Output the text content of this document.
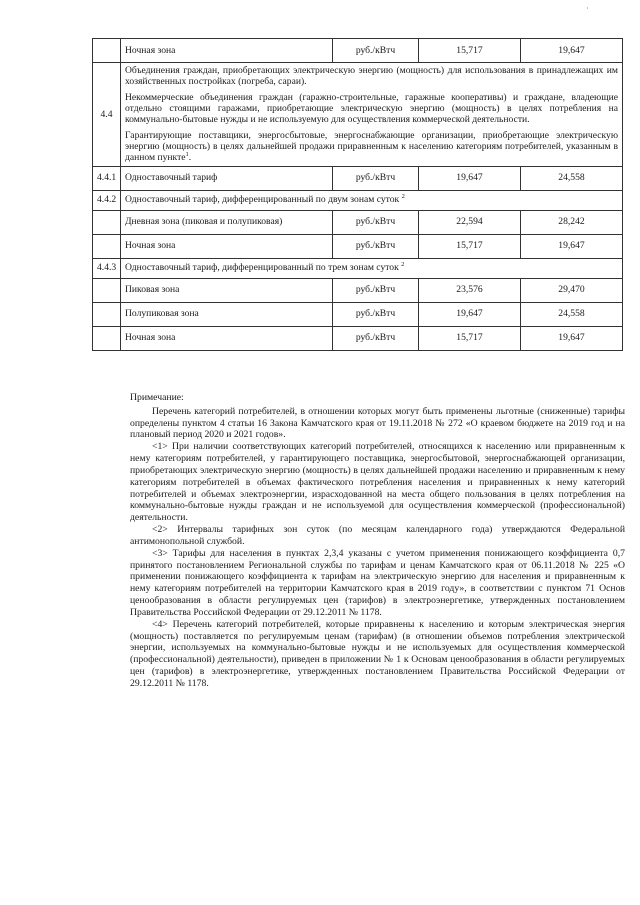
·
	Ночная зона	руб./кВтч	15,717	19,647
4.4	Объединения граждан, приобретающих электрическую энергию (мощность) для использования в принадлежащих им хозяйственных постройках (погреба, сараи).

Некоммерческие объединения граждан (гаражно-строительные, гаражные кооперативы) и граждане, владеющие отдельно стоящими гаражами, приобретающие электрическую энергию (мощность) в целях потребления на коммунально-бытовые нужды и не используемую для осуществления коммерческой деятельности.

Гарантирующие поставщики, энергосбытовые, энергоснабжающие организации, приобретающие электрическую энергию (мощность) в целях дальнейшей продажи приравненным к населению категориям потребителей, указанным в данном пункте$^1$.			

4.4.1	Одноставочный тариф	руб./кВтч	19,647	24,558
4.4.2	Одноставочный тариф, дифференцированный по двум зонам суток $^2$
	Дневная зона (пиковая и полупиковая)	руб./кВтч	22,594	28,242
	Ночная зона	руб./кВтч	15,717	19,647
4.4.3	Одноставочный тариф, дифференцированный по трем зонам суток $^2$
	Пиковая зона	руб./кВтч	23,576	29,470
	Полупиковая зона	руб./кВтч	19,647	24,558
	Ночная зона	руб./кВтч	15,717	19,647

Примечание:

Перечень категорий потребителей, в отношении которых могут быть применены льготные (сниженные) тарифы определены пунктом 4 статьи 16 Закона Камчатского края от 19.11.2018 № 272 «О краевом бюджете на 2019 год и на плановый период 2020 и 2021 годов».

<1> При наличии соответствующих категорий потребителей, относящихся к населению или приравненным к нему категориям потребителей, у гарантирующего поставщика, энергосбытовой, энергоснабжающей организации, приобретающих электрическую энергию (мощность) в целях дальнейшей продажи населению и приравненным к нему категориям потребителей в объемах фактического потребления населения и приравненных к нему категорий потребителей и объемах электроэнергии, израсходованной на места общего пользования в целях потребления на коммунально-бытовые нужды граждан и не используемой для осуществления коммерческой (профессиональной) деятельности.

<2> Интервалы тарифных зон суток (по месяцам календарного года) утверждаются Федеральной антимонопольной службой.

<3> Тарифы для населения в пунктах 2,3,4 указаны с учетом применения понижающего коэффициента 0,7 принятого постановлением Региональной службы по тарифам и ценам Камчатского края от 06.11.2018 № 225 «О применении понижающего коэффициента к тарифам на электрическую энергию для населения и приравненным к нему категориям потребителей на территории Камчатского края в 2019 году», в соответствии с пунктом 71 Основ ценообразования в области регулируемых цен (тарифов) в электроэнергетике, утвержденных постановлением Правительства Российской Федерации от 29.12.2011 № 1178.

<4> Перечень категорий потребителей, которые приравнены к населению и которым электрическая энергия (мощность) поставляется по регулируемым ценам (тарифам) (в отношении объемов потребления электрической энергии, используемых на коммунально-бытовые нужды и не используемых для осуществления коммерческой (профессиональной) деятельности), приведен в приложении № 1 к Основам ценообразования в области регулируемых цен (тарифов) в электроэнергетике, утвержденных постановлением Правительства Российской Федерации от 29.12.2011 № 1178.
